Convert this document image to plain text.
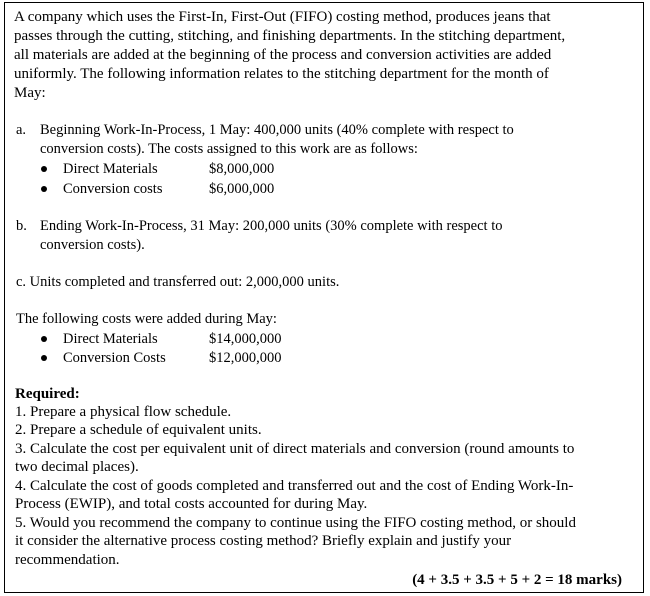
A company which uses the First-In, First-Out (FIFO) costing method, produces jeans that
passes through the cutting, stitching, and finishing departments. In the stitching department,
all materials are added at the beginning of the process and conversion activities are added
uniformly. The following information relates to the stitching department for the month of
May:
a. Beginning Work-In-Process, 1 May: 400,000 units (40% complete with respect to
conversion costs). The costs assigned to this work are as follows:
Direct Materials	$8,000,000
Conversion costs	$6,000,000
b. Ending Work-In-Process, 31 May: 200,000 units (30% complete with respect to
conversion costs).
c. Units completed and transferred out: 2,000,000 units.
The following costs were added during May:
Direct Materials	$14,000,000
Conversion Costs	$12,000,000
Required:
1. Prepare a physical flow schedule.
2. Prepare a schedule of equivalent units.
3. Calculate the cost per equivalent unit of direct materials and conversion (round amounts to
two decimal places).
4. Calculate the cost of goods completed and transferred out and the cost of Ending Work-In-
Process (EWIP), and total costs accounted for during May.
5. Would you recommend the company to continue using the FIFO costing method, or should
it consider the alternative process costing method? Briefly explain and justify your
recommendation.
(4 + 3.5 + 3.5 + 5 + 2 = 18 marks)
